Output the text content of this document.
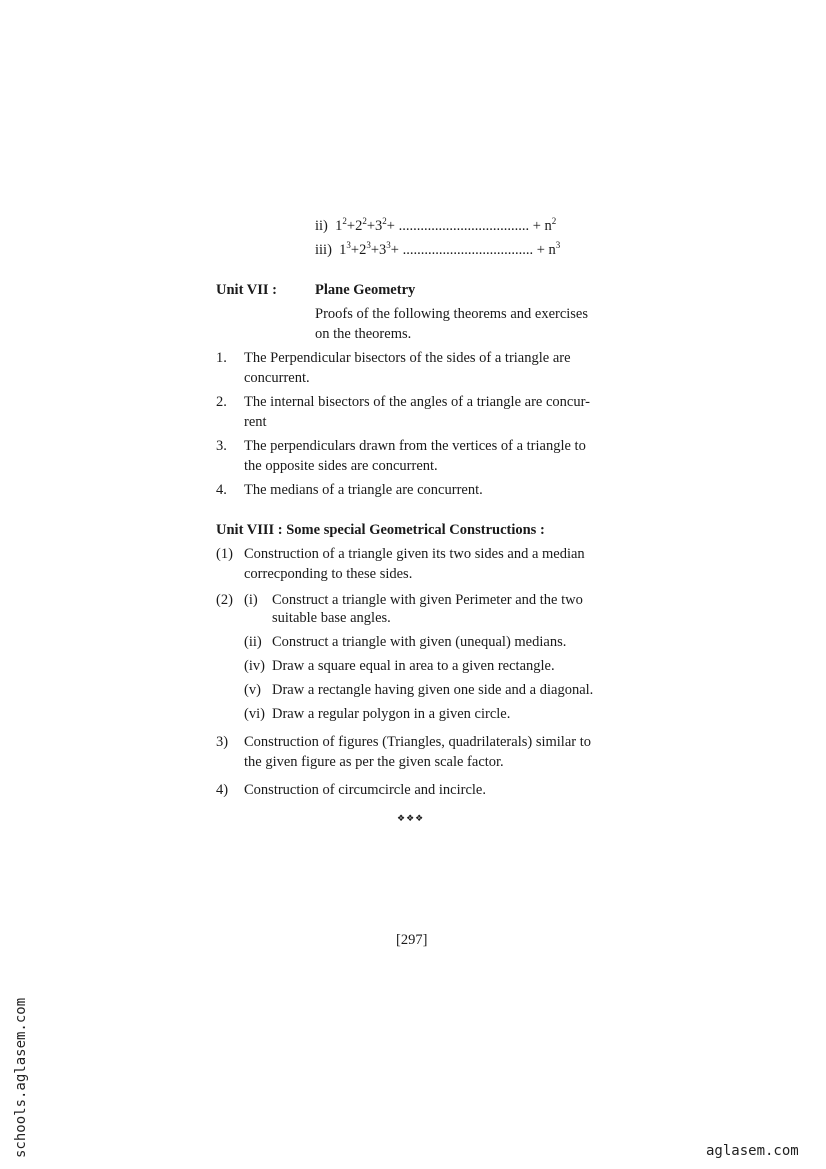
ii) $1^2+2^2+3^2+$ .................................... + $n^2$
iii) $1^3+2^3+3^3+$ .................................... + $n^3$
Unit VII :	Plane Geometry
Proofs of the following theorems and exercises
on the theorems.
1. The Perpendicular bisectors of the sides of a triangle are
concurrent.
2. The internal bisectors of the angles of a triangle are concur-
rent
3. The perpendiculars drawn from the vertices of a triangle to
the opposite sides are concurrent.
4. The medians of a triangle are concurrent.
Unit VIII : Some special Geometrical Constructions :
(1) Construction of a triangle given its two sides and a median
correcponding to these sides.
(2) (i) Construct a triangle with given Perimeter and the two
suitable base angles.
(ii) Construct a triangle with given (unequal) medians.
(iv) Draw a square equal in area to a given rectangle.
(v) Draw a rectangle having given one side and a diagonal.
(vi) Draw a regular polygon in a given circle.
3) Construction of figures (Triangles, quadrilaterals) similar to
the given figure as per the given scale factor.
4) Construction of circumcircle and incircle.
❖❖❖
[297]
schools.aglasem.com	aglasem.com
